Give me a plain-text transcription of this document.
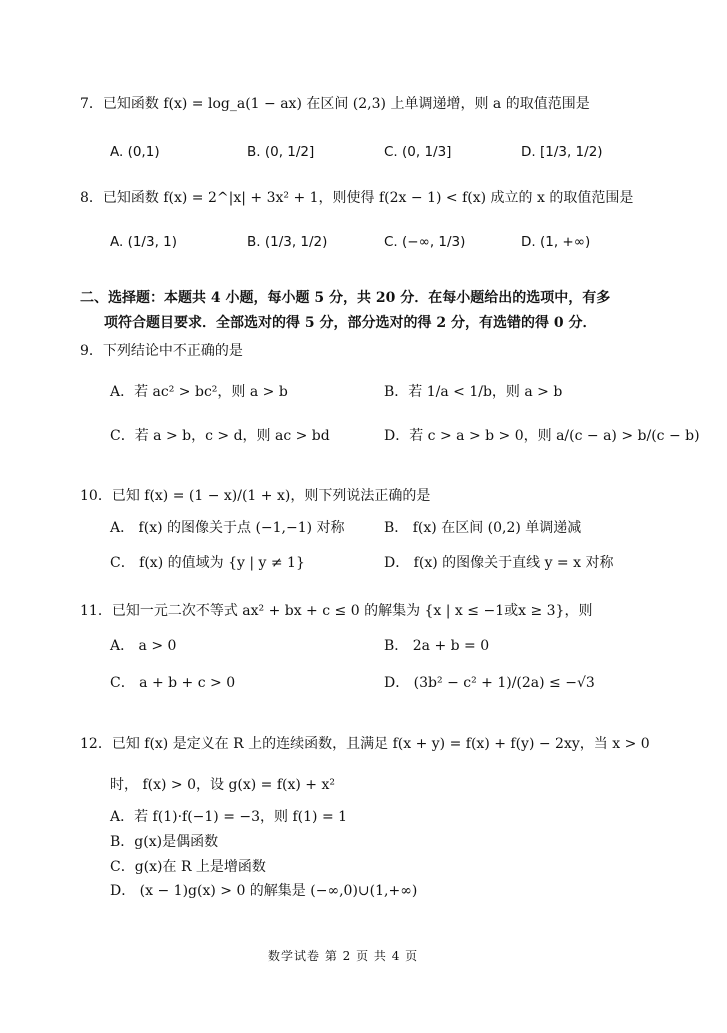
7．已知函数 f(x) = log_a(1 − ax) 在区间 (2,3) 上单调递增，则 a 的取值范围是
A. (0,1)	B. (0, 1/2]	C. (0, 1/3]	D. [1/3, 1/2)
8．已知函数 f(x) = 2^|x| + 3x² + 1，则使得 f(2x − 1) < f(x) 成立的 x 的取值范围是
A. (1/3, 1)	B. (1/3, 1/2)	C. (−∞, 1/3)	D. (1, +∞)
二、选择题：本题共 4 小题，每小题 5 分，共 20 分．在每小题给出的选项中，有多
项符合题目要求．全部选对的得 5 分，部分选对的得 2 分，有选错的得 0 分．
9．下列结论中不正确的是
A．若 ac² > bc²，则 a > b	B．若 1/a < 1/b，则 a > b
C．若 a > b，c > d，则 ac > bd	D．若 c > a > b > 0，则 a/(c − a) > b/(c − b)
10．已知 f(x) = (1 − x)/(1 + x)，则下列说法正确的是
A． f(x) 的图像关于点 (−1,−1) 对称	B． f(x) 在区间 (0,2) 单调递减
C． f(x) 的值域为 {y | y ≠ 1}	D． f(x) 的图像关于直线 y = x 对称
11．已知一元二次不等式 ax² + bx + c ≤ 0 的解集为 {x | x ≤ −1或x ≥ 3}，则
A． a > 0	B． 2a + b = 0
C． a + b + c > 0	D． (3b² − c² + 1)/(2a) ≤ −√3
12．已知 f(x) 是定义在 R 上的连续函数，且满足 f(x + y) = f(x) + f(y) − 2xy，当 x > 0
时， f(x) > 0，设 g(x) = f(x) + x²
A．若 f(1)·f(−1) = −3，则 f(1) = 1
B．g(x)是偶函数
C．g(x)在 R 上是增函数
D． (x − 1)g(x) > 0 的解集是 (−∞,0)∪(1,+∞)
数学试卷 第 2 页 共 4 页
